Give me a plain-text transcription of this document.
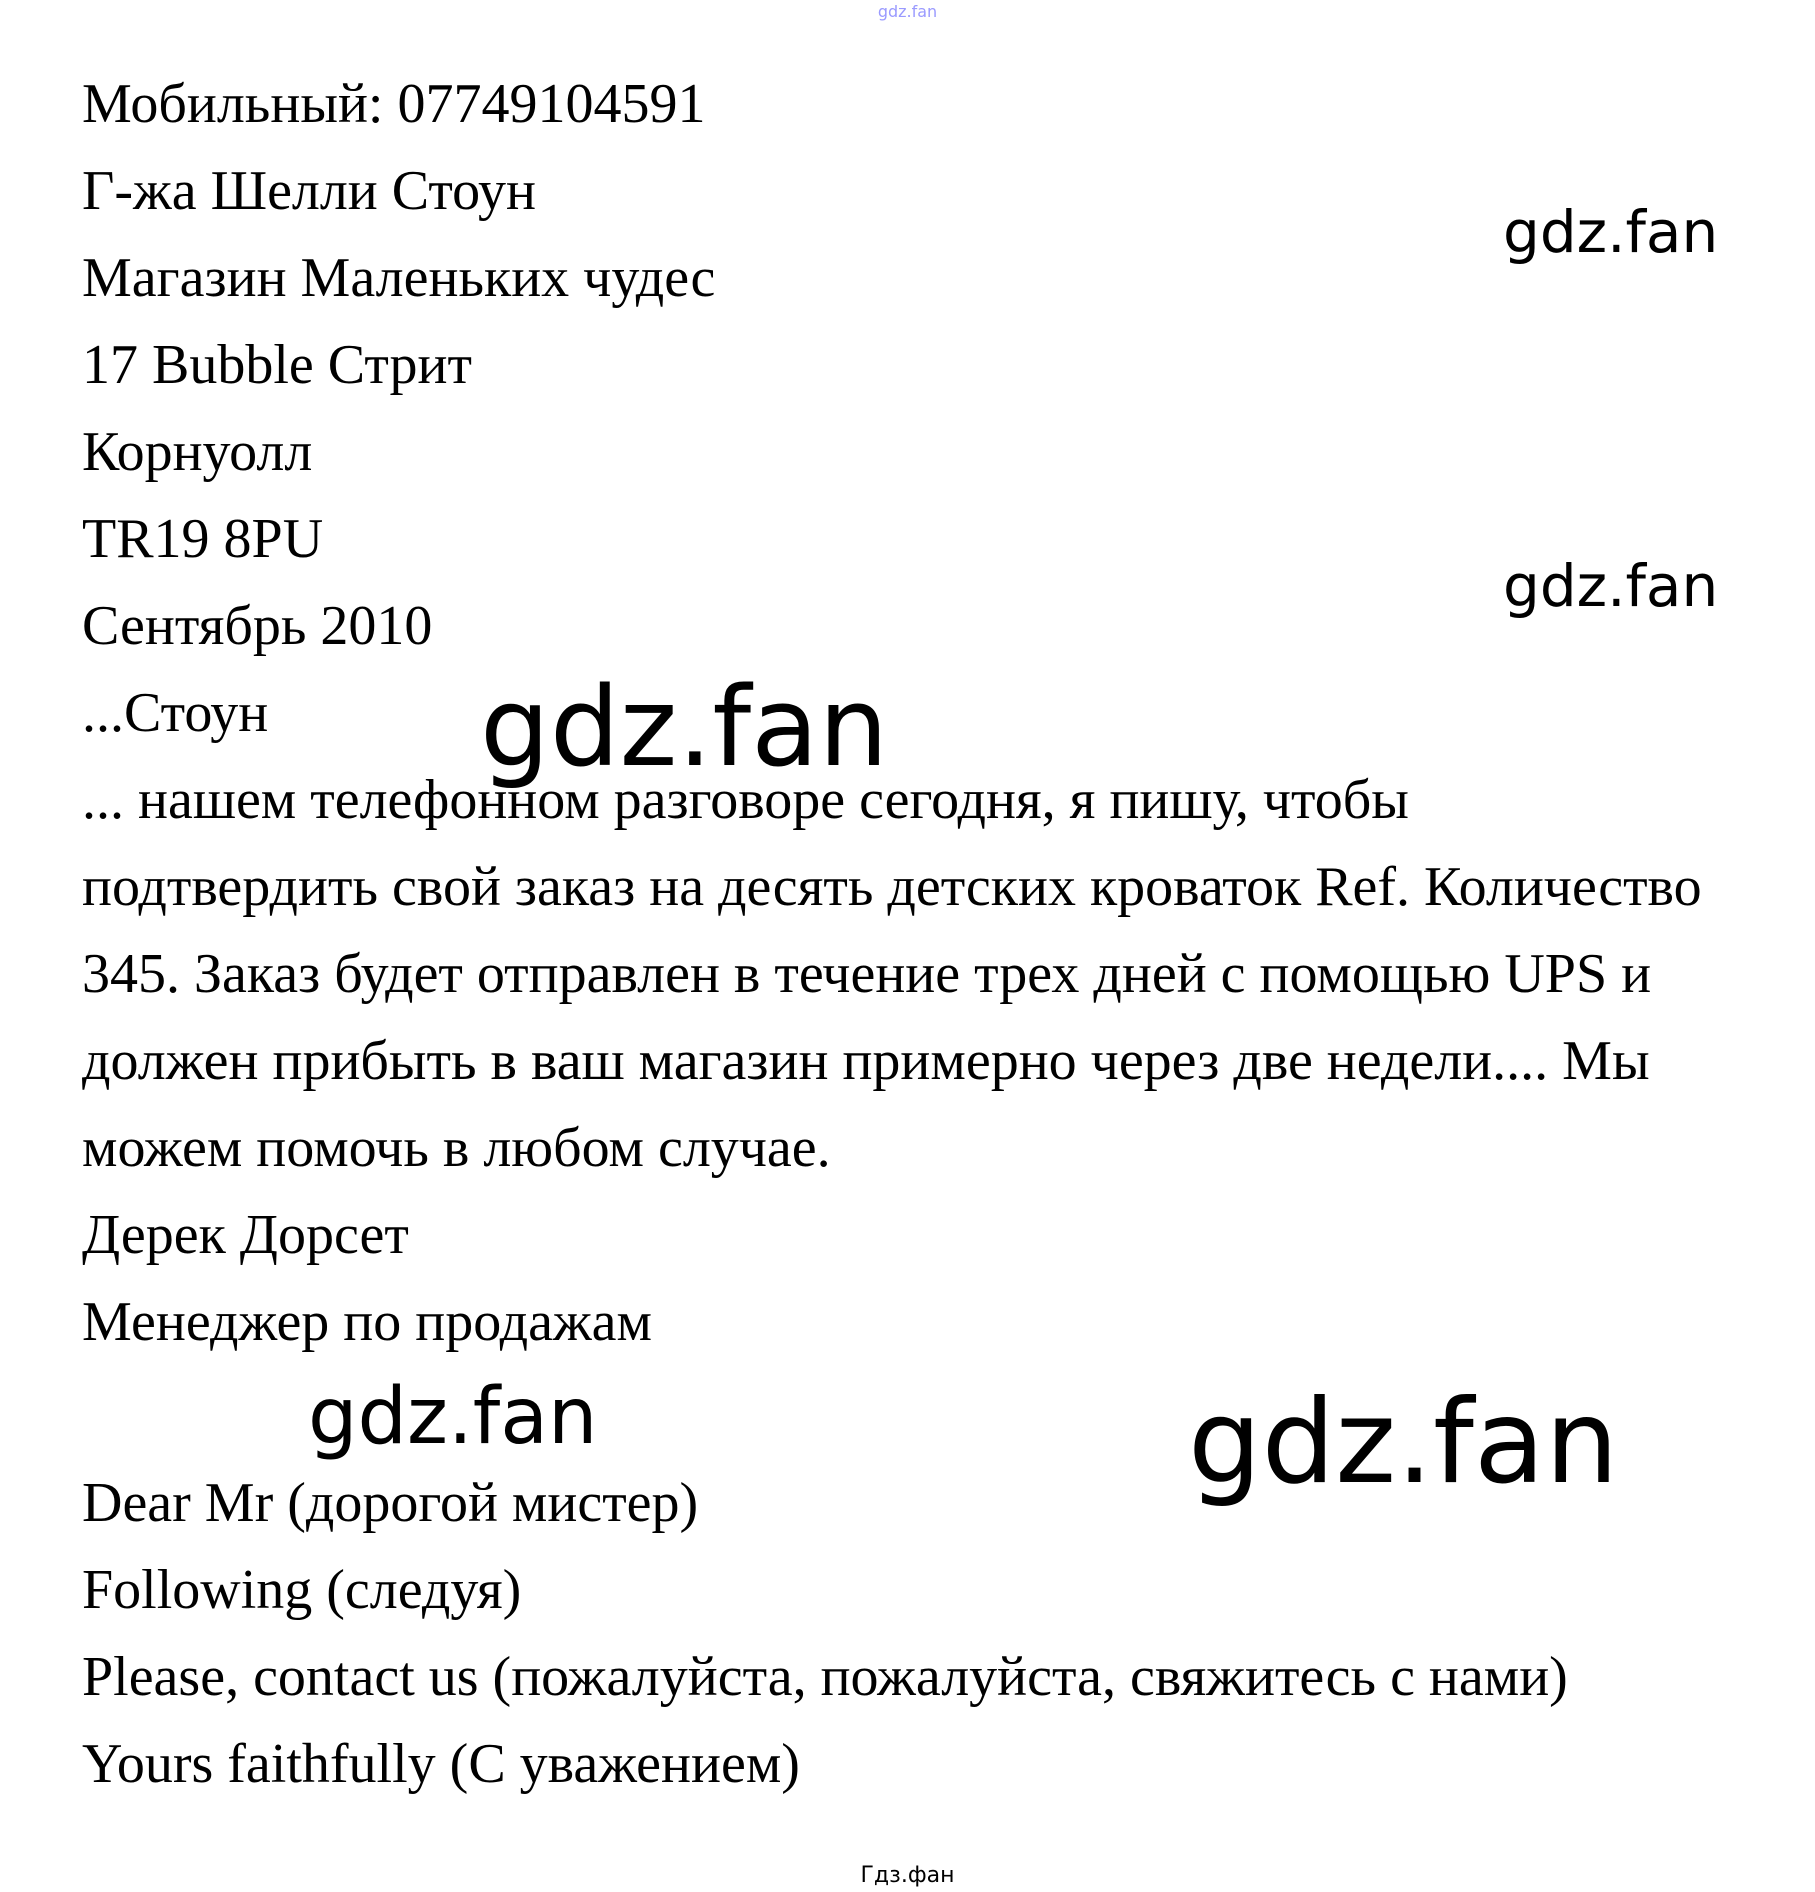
gdz.fan
Мобильный: 07749104591
Г-жа Шелли Стоун
Магазин Маленьких чудес
17 Bubble Стрит
Корнуолл
TR19 8PU
Сентябрь 2010
...Стоун
... нашем телефонном разговоре сегодня, я пишу, чтобы
подтвердить свой заказ на десять детских кроваток Ref. Количество
345. Заказ будет отправлен в течение трех дней с помощью UPS и
должен прибыть в ваш магазин примерно через две недели.... Мы
можем помочь в любом случае.
Дерек Дорсет
Менеджер по продажам
Dear Mr (дорогой мистер)
Following (следуя)
Please, contact us (пожалуйста, пожалуйста, свяжитесь с нами)
Yours faithfully (С уважением)
gdz.fan
gdz.fan
gdz.fan
gdz.fan	gdz.fan
Гдз.фан
